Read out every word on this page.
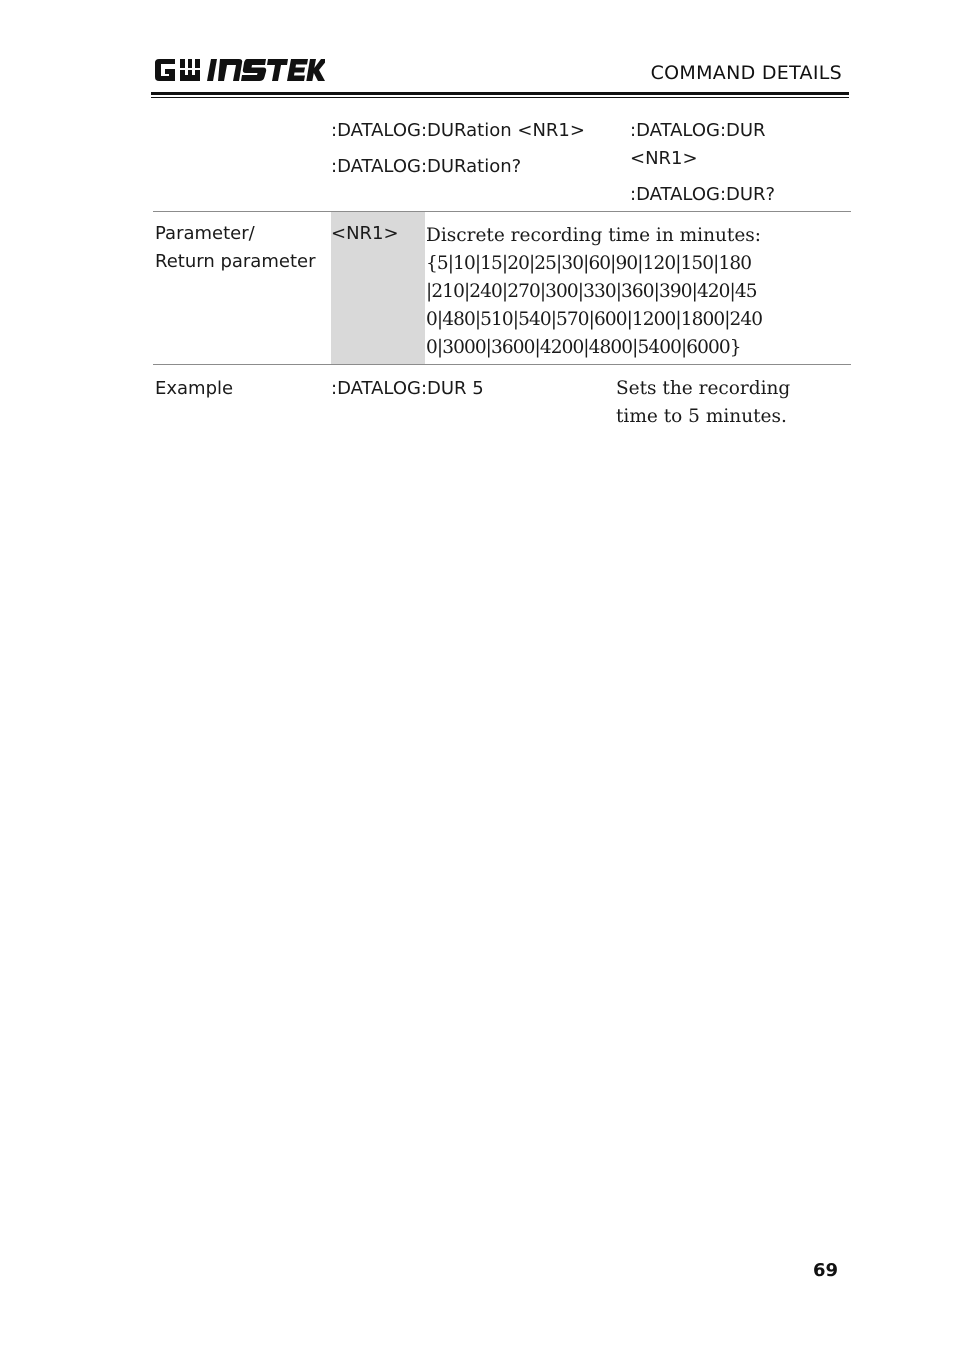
COMMAND DETAILS
:DATALOG:DURation <NR1>
:DATALOG:DURation?
:DATALOG:DUR
<NR1>
:DATALOG:DUR?
Parameter/
Return parameter
<NR1> Discrete recording time in minutes:
{5|10|15|20|25|30|60|90|120|150|180
|210|240|270|300|330|360|390|420|45
0|480|510|540|570|600|1200|1800|240
0|3000|3600|4200|4800|5400|6000}
Example	:DATALOG:DUR 5	Sets the recording
time to 5 minutes.
69
